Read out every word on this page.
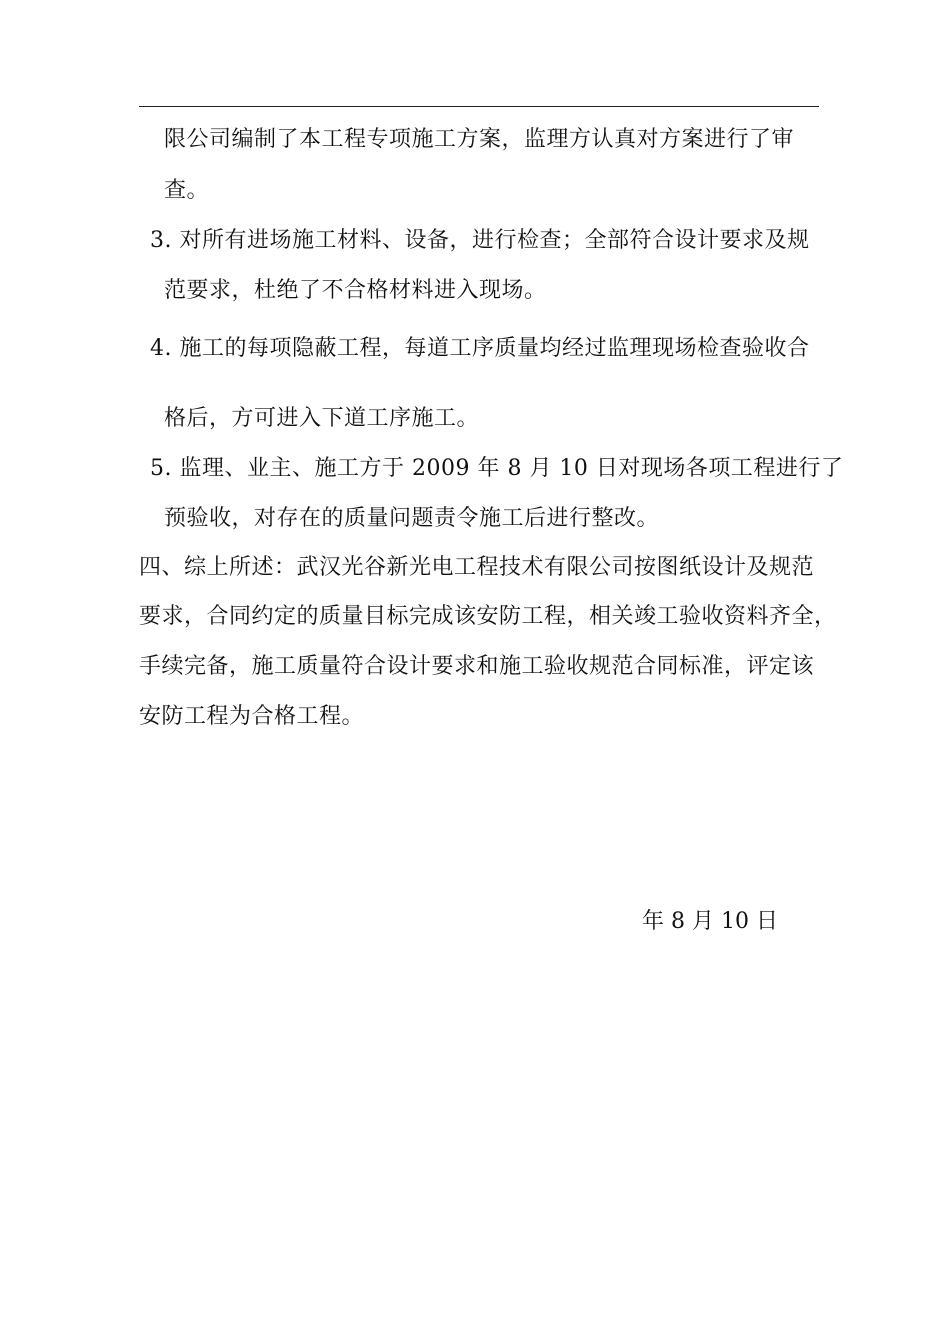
限公司编制了本工程专项施工方案，监理方认真对方案进行了审
查。
3. 对所有进场施工材料、设备，进行检查；全部符合设计要求及规
范要求，杜绝了不合格材料进入现场。
4. 施工的每项隐蔽工程，每道工序质量均经过监理现场检查验收合
格后，方可进入下道工序施工。
5. 监理、业主、施工方于 2009 年 8 月 10 日对现场各项工程进行了
预验收，对存在的质量问题责令施工后进行整改。
四、综上所述：武汉光谷新光电工程技术有限公司按图纸设计及规范
要求，合同约定的质量目标完成该安防工程，相关竣工验收资料齐全，
手续完备，施工质量符合设计要求和施工验收规范合同标准，评定该
安防工程为合格工程。
年 8 月 10 日
